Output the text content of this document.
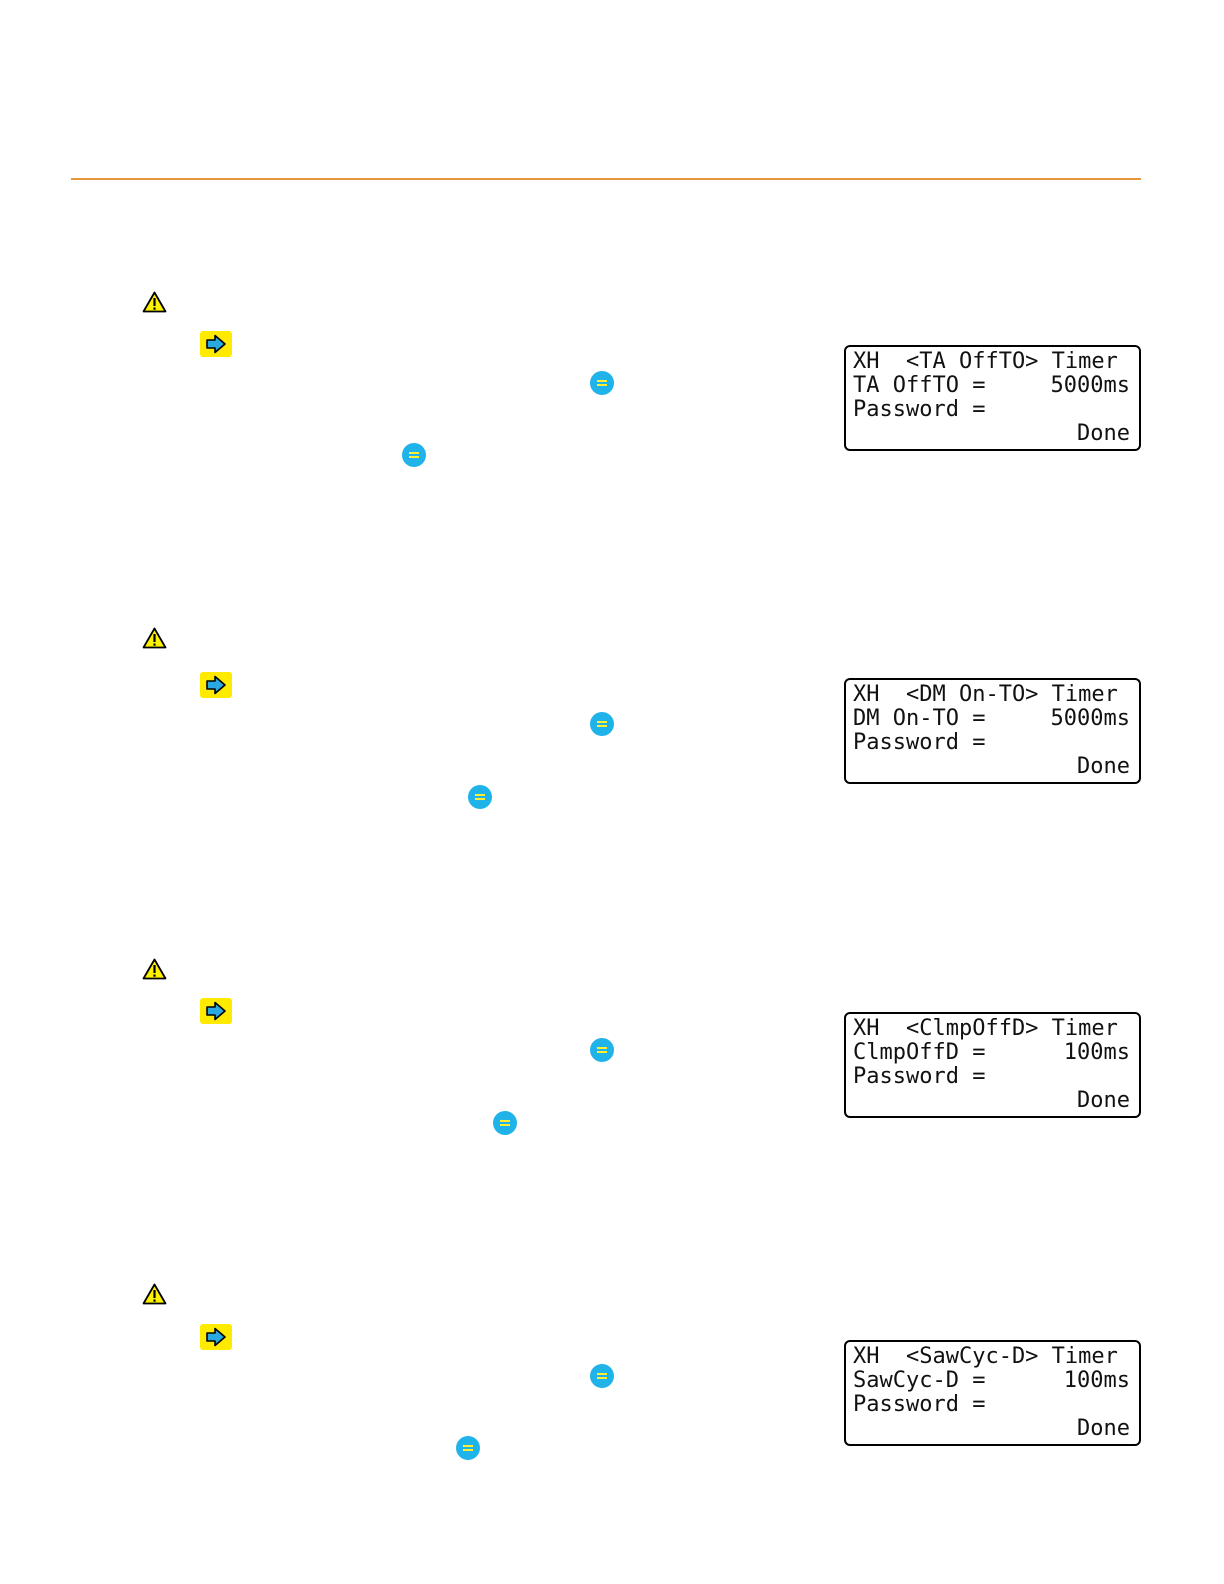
XH  <TA OffTO> Timer
TA OffTO =	5000ms
Password =
Done
XH  <DM On-TO> Timer
DM On-TO =	5000ms
Password =
Done
XH  <ClmpOffD> Timer
ClmpOffD =	100ms
Password =
Done
XH  <SawCyc-D> Timer
SawCyc-D =	100ms
Password =
Done
